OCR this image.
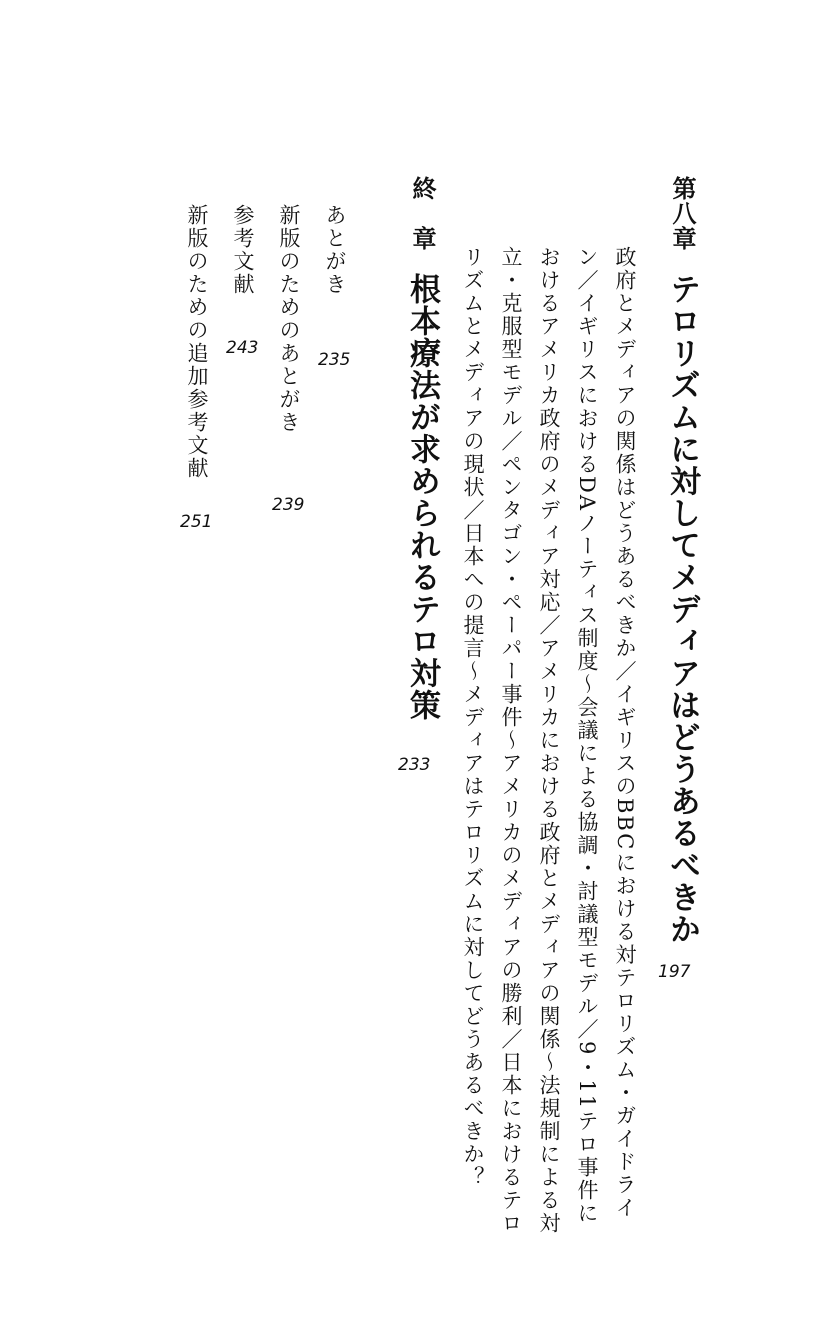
第八章テロリズムに対してメディアはどうあるべきか
197
政府とメディアの関係はどうあるべきか／イギリスのBBCにおける対テロリズム・ガイドライ
ン／イギリスにおけるDAノーティス制度〜会議による協調・討議型モデル／9・11テロ事件に
おけるアメリカ政府のメディア対応／アメリカにおける政府とメディアの関係〜法規制による対
立・克服型モデル／ペンタゴン・ペーパー事件〜アメリカのメディアの勝利／日本におけるテロ
リズムとメディアの現状／日本への提言〜メディアはテロリズムに対してどうあるべきか？
終　章根本療法が求められるテロ対策
233
あとがき
235
新版のためのあとがき
239
参考文献
243
新版のための追加参考文献
251
